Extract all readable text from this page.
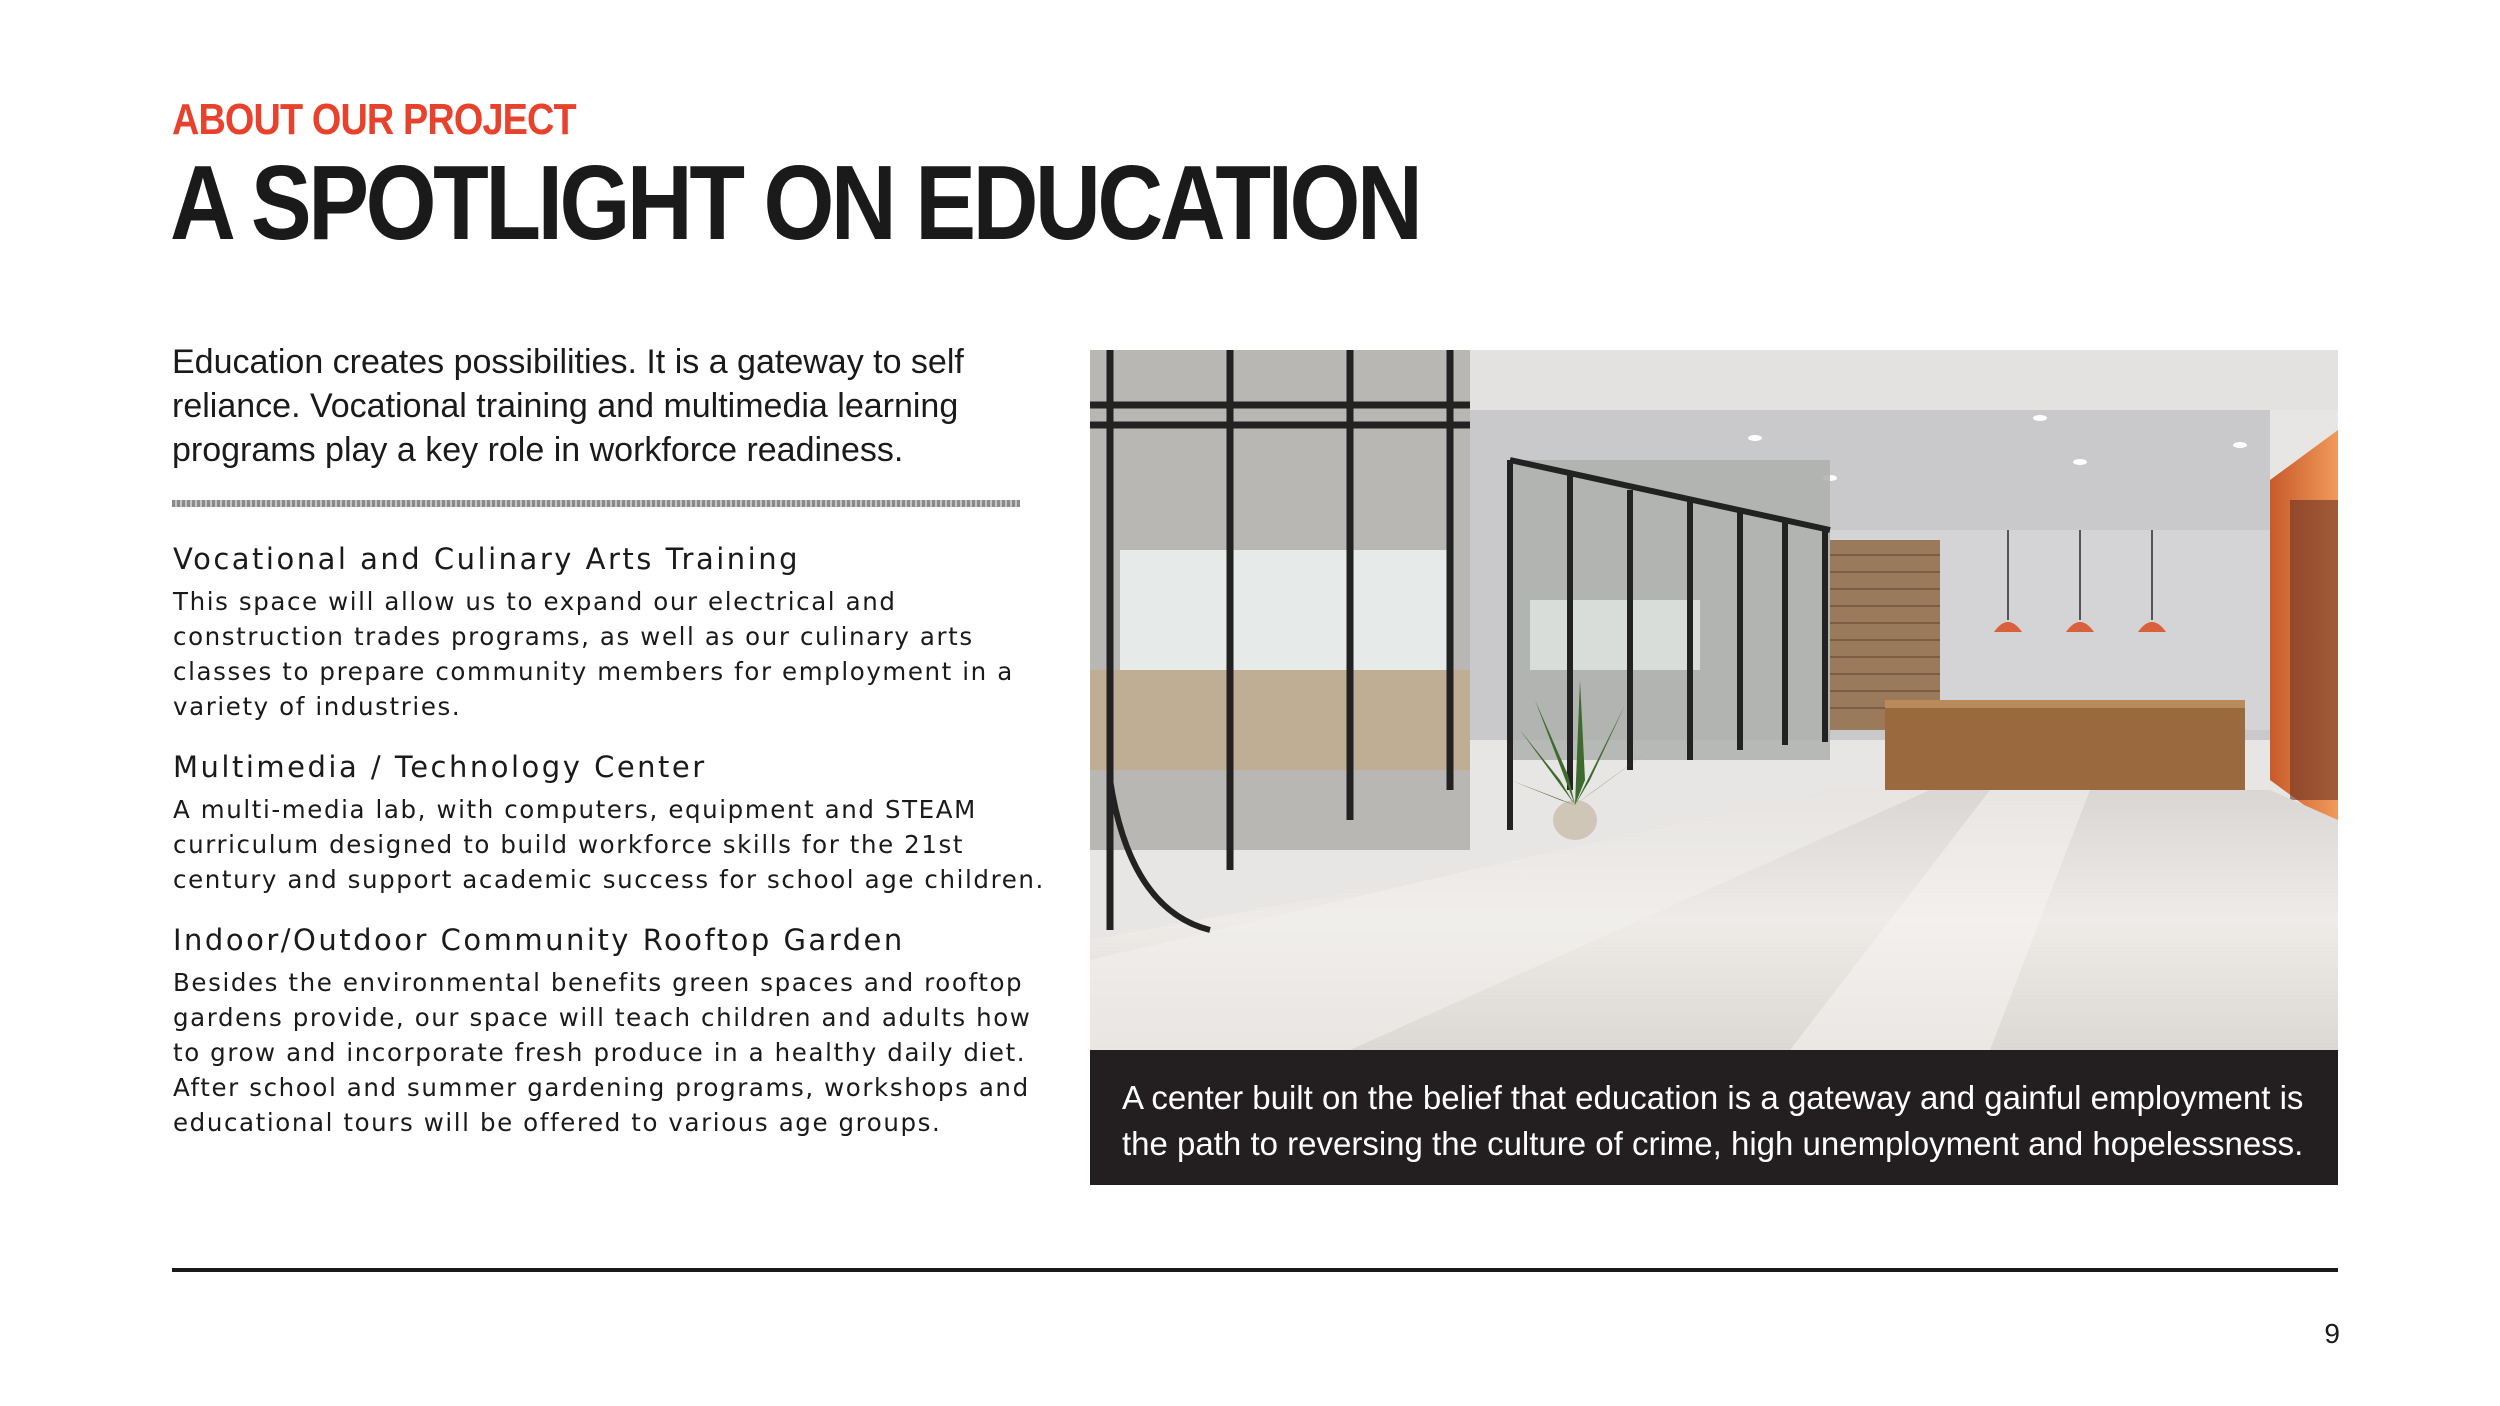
ABOUT OUR PROJECT
A SPOTLIGHT ON EDUCATION

Education creates possibilities. It is a gateway to self reliance. Vocational training and multimedia learning programs play a key role in workforce readiness.

Vocational and Culinary Arts Training

This space will allow us to expand our electrical and construction trades programs, as well as our culinary arts classes to prepare community members for employment in a variety of industries.

Multimedia / Technology Center

A multi-media lab, with computers, equipment and STEAM curriculum designed to build workforce skills for the 21st century and support academic success for school age children.

Indoor/Outdoor Community Rooftop Garden

Besides the environmental benefits green spaces and rooftop gardens provide, our space will teach children and adults how to grow and incorporate fresh produce in a healthy daily diet. After school and summer gardening programs, workshops and educational tours will be offered to various age groups.

A center built on the belief that education is a gateway and gainful employment is the path to reversing the culture of crime, high unemployment and hopelessness.

9
